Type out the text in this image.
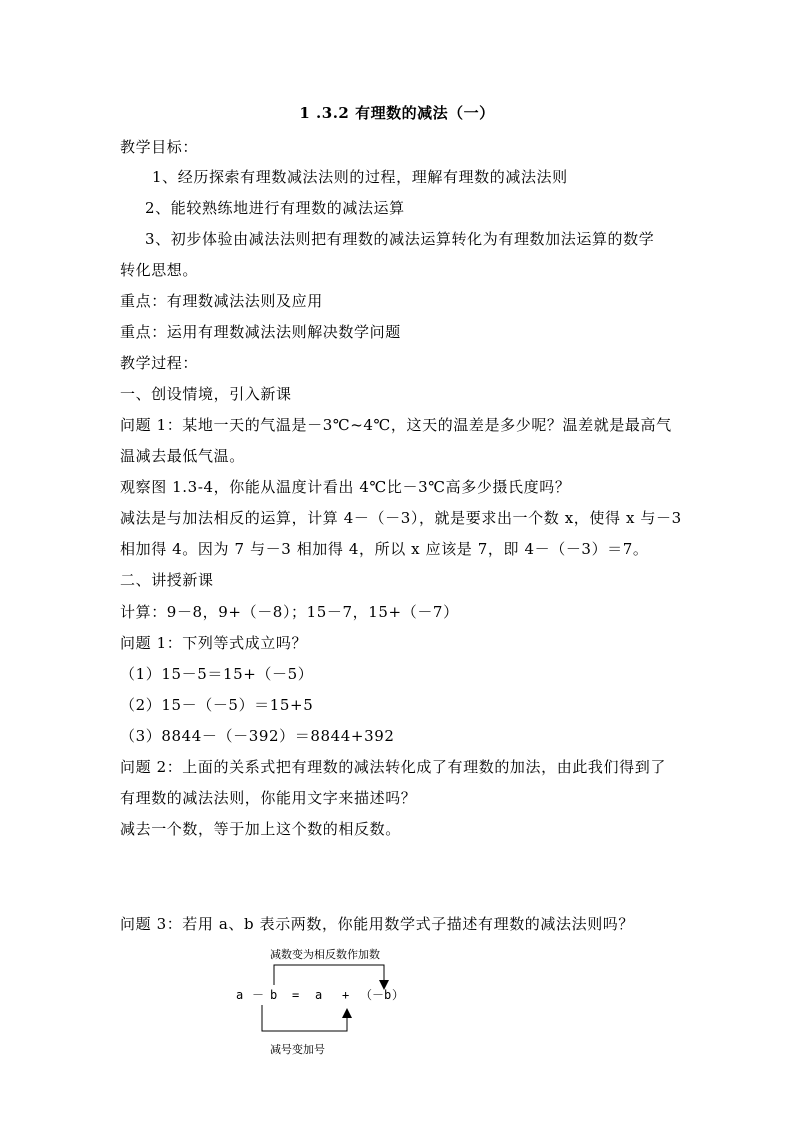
1 .3.2 有理数的减法（一）
教学目标：
1、经历探索有理数减法法则的过程，理解有理数的减法法则
2、能较熟练地进行有理数的减法运算
3、初步体验由减法法则把有理数的减法运算转化为有理数加法运算的数学
转化思想。
重点：有理数减法法则及应用
重点：运用有理数减法法则解决数学问题
教学过程：
一、创设情境，引入新课
问题 1：某地一天的气温是－3℃~4℃，这天的温差是多少呢？温差就是最高气
温减去最低气温。
观察图 1.3-4，你能从温度计看出 4℃比－3℃高多少摄氏度吗？
减法是与加法相反的运算，计算 4－（－3），就是要求出一个数 x，使得 x 与－3
相加得 4。因为 7 与－3 相加得 4，所以 x 应该是 7，即 4－（－3）＝7。
二、讲授新课
计算：9－8，9+（－8）；15－7，15+（－7）
问题 1：下列等式成立吗？
（1）15－5＝15+（－5）
（2）15－（－5）＝15+5
（3）8844－（－392）＝8844+392
问题 2：上面的关系式把有理数的减法转化成了有理数的加法，由此我们得到了
有理数的减法法则，你能用文字来描述吗？
减去一个数，等于加上这个数的相反数。
问题 3：若用 a、b 表示两数，你能用数学式子描述有理数的减法法则吗？
减数变为相反数作加数
减号变加号
a － b = a + （ －b ）
